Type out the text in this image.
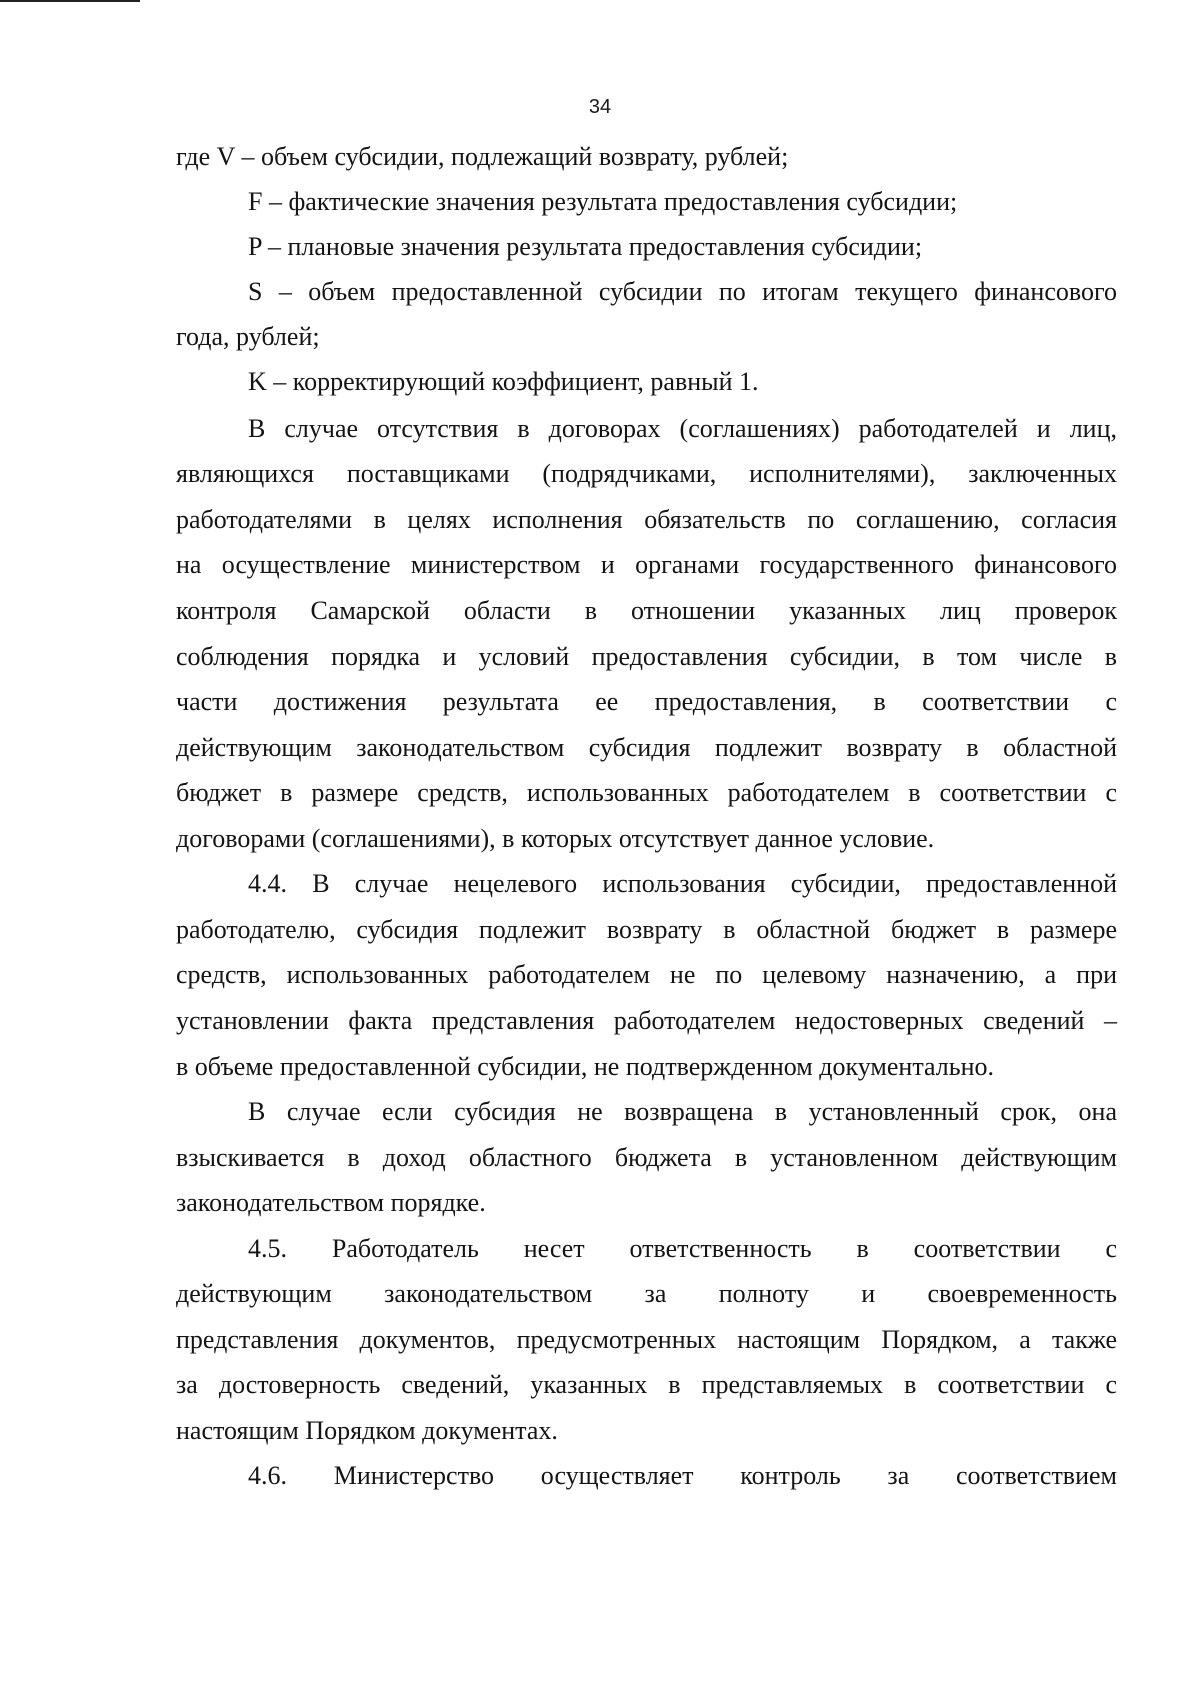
34

где V – объем субсидии, подлежащий возврату, рублей;

F – фактические значения результата предоставления субсидии;

P – плановые значения результата предоставления субсидии;

S – объем предоставленной субсидии по итогам текущего финансового

года, рублей;

K – корректирующий коэффициент, равный 1.

В случае отсутствия в договорах (соглашениях) работодателей и лиц,

являющихся поставщиками (подрядчиками, исполнителями), заключенных

работодателями в целях исполнения обязательств по соглашению, согласия

на осуществление министерством и органами государственного финансового

контроля Самарской области в отношении указанных лиц проверок

соблюдения порядка и условий предоставления субсидии, в том числе в

части достижения результата ее предоставления, в соответствии с

действующим законодательством субсидия подлежит возврату в областной

бюджет в размере средств, использованных работодателем в соответствии с

договорами (соглашениями), в которых отсутствует данное условие.

4.4. В случае нецелевого использования субсидии, предоставленной

работодателю, субсидия подлежит возврату в областной бюджет в размере

средств, использованных работодателем не по целевому назначению, а при

установлении факта представления работодателем недостоверных сведений –

в объеме предоставленной субсидии, не подтвержденном документально.

В случае если субсидия не возвращена в установленный срок, она

взыскивается в доход областного бюджета в установленном действующим

законодательством порядке.

4.5. Работодатель несет ответственность в соответствии с

действующим законодательством за полноту и своевременность

представления документов, предусмотренных настоящим Порядком, а также

за достоверность сведений, указанных в представляемых в соответствии с

настоящим Порядком документах.

4.6. Министерство осуществляет контроль за соответствием
